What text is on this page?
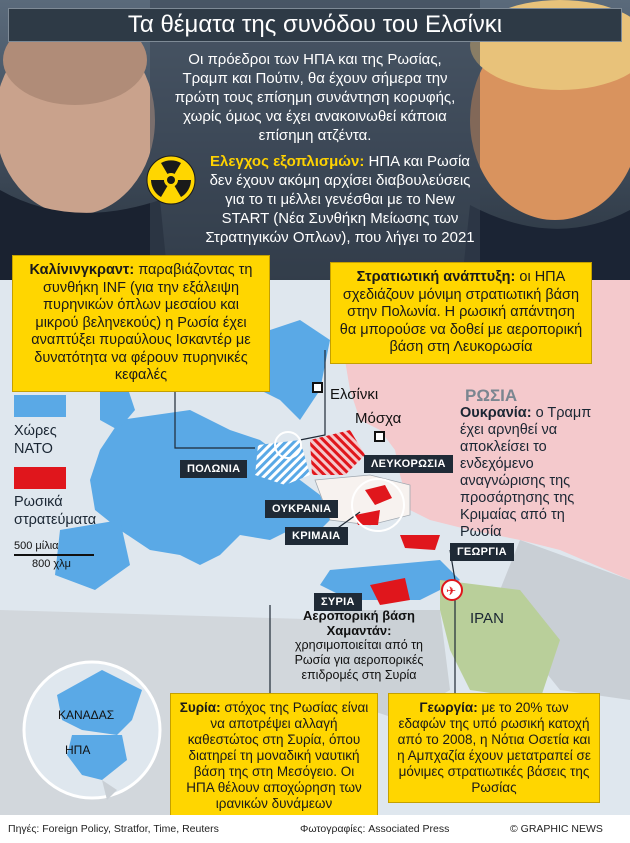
✈
ΚΑΝΑΔΑΣ
ΗΠΑ
Τα θέματα της συνόδου του Ελσίνκι
Οι πρόεδροι των ΗΠΑ και της Ρωσίας, Τραμπ και Πούτιν, θα έχουν σήμερα την πρώτη τους επίσημη συνάντηση κορυφής, χωρίς όμως να έχει ανακοινωθεί κάποια επίσημη ατζέντα.
Ελεγχος εξοπλισμών: ΗΠΑ και Ρωσία δεν έχουν ακόμη αρχίσει διαβουλεύσεις για το τι μέλλει γενέσθαι με το New START (Νέα Συνθήκη Μείωσης των Στρατηγικών Οπλων), που λήγει το 2021
Καλίνινγκραντ: παραβιάζοντας τη συνθήκη INF (για την εξάλειψη πυρηνικών όπλων μεσαίου και μικρού βεληνεκούς) η Ρωσία έχει αναπτύξει πυραύλους Ισκαντέρ με δυνατότητα να φέρουν πυρηνικές κεφαλές
Στρατιωτική ανάπτυξη: οι ΗΠΑ σχεδιάζουν μόνιμη στρατιωτική βάση στην Πολωνία. Η ρωσική απάντηση θα μπορούσε να δοθεί με αεροπορική βάση στη Λευκορωσία
Ελσίνκι
Μόσχα
ΡΩΣΙΑ
Ουκρανία: ο Τραμπ έχει αρνηθεί να αποκλείσει το ενδεχόμενο αναγνώρισης της προσάρτησης της Κριμαίας από τη Ρωσία
Χώρες
ΝΑΤΟ
Ρωσικά
στρατεύματα
500 μίλια
800 χλμ
ΠΟΛΩΝΙΑ	ΛΕΥΚΟΡΩΣΙΑ
ΟΥΚΡΑΝΙΑ
ΚΡΙΜΑΙΑ
ΓΕΩΡΓΙΑ
ΣΥΡΙΑ
ΙΡΑΝ
Αεροπορική βάση
Χαμαντάν:
χρησιμοποιείται από τη Ρωσία για αεροπορικές επιδρομές στη Συρία
Συρία: στόχος της Ρωσίας είναι να αποτρέψει αλλαγή καθεστώτος στη Συρία, όπου διατηρεί τη μοναδική ναυτική βάση της στη Μεσόγειο. Οι ΗΠΑ θέλουν αποχώρηση των ιρανικών δυνάμεων
Γεωργία: με το 20% των εδαφών της υπό ρωσική κατοχή από το 2008, η Νότια Οσετία και η Αμπχαζία έχουν μετατραπεί σε μόνιμες στρατιωτικές βάσεις της Ρωσίας
Πηγές: Foreign Policy, Stratfor, Time, Reuters	Φωτογραφίες: Associated Press	© GRAPHIC NEWS
